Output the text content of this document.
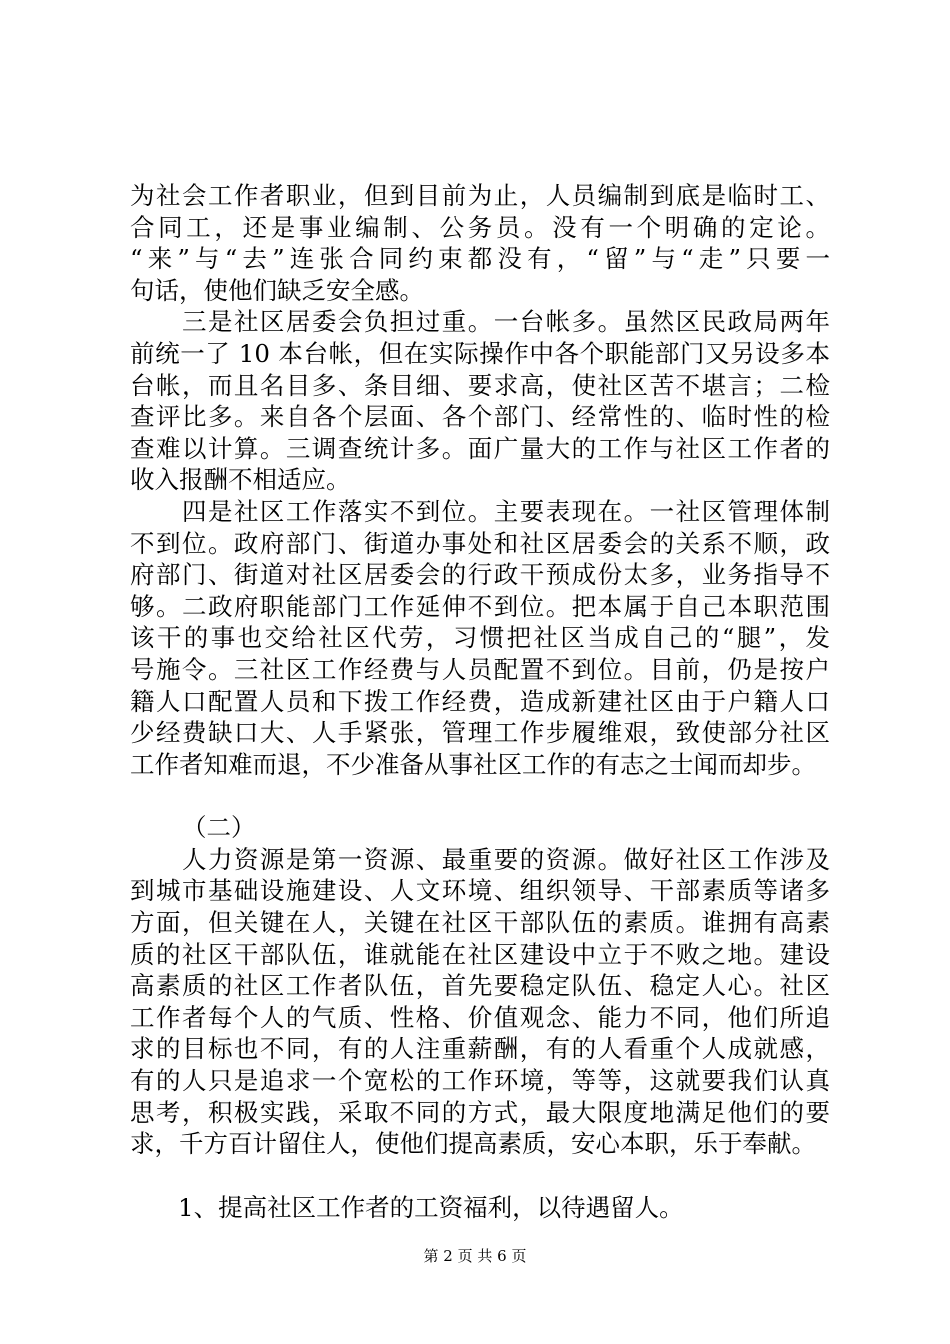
为社会工作者职业，但到目前为止，人员编制到底是临时工、

合同工，还是事业编制、公务员。没有一个明确的定论。

“来”与“去”连张合同约束都没有，“留”与“走”只要一

句话，使他们缺乏安全感。

三是社区居委会负担过重。一台帐多。虽然区民政局两年

前统一了 10 本台帐，但在实际操作中各个职能部门又另设多本

台帐，而且名目多、条目细、要求高，使社区苦不堪言；二检

查评比多。来自各个层面、各个部门、经常性的、临时性的检

查难以计算。三调查统计多。面广量大的工作与社区工作者的

收入报酬不相适应。

四是社区工作落实不到位。主要表现在。一社区管理体制

不到位。政府部门、街道办事处和社区居委会的关系不顺，政

府部门、街道对社区居委会的行政干预成份太多，业务指导不

够。二政府职能部门工作延伸不到位。把本属于自己本职范围

该干的事也交给社区代劳，习惯把社区当成自己的“腿”，发

号施令。三社区工作经费与人员配置不到位。目前，仍是按户

籍人口配置人员和下拨工作经费，造成新建社区由于户籍人口

少经费缺口大、人手紧张，管理工作步履维艰，致使部分社区

工作者知难而退，不少准备从事社区工作的有志之士闻而却步。

（二）

人力资源是第一资源、最重要的资源。做好社区工作涉及

到城市基础设施建设、人文环境、组织领导、干部素质等诸多

方面，但关键在人，关键在社区干部队伍的素质。谁拥有高素

质的社区干部队伍，谁就能在社区建设中立于不败之地。建设

高素质的社区工作者队伍，首先要稳定队伍、稳定人心。社区

工作者每个人的气质、性格、价值观念、能力不同，他们所追

求的目标也不同，有的人注重薪酬，有的人看重个人成就感，

有的人只是追求一个宽松的工作环境，等等，这就要我们认真

思考，积极实践，采取不同的方式，最大限度地满足他们的要

求，千方百计留住人，使他们提高素质，安心本职，乐于奉献。

1、提高社区工作者的工资福利，以待遇留人。

第 2 页 共 6 页
